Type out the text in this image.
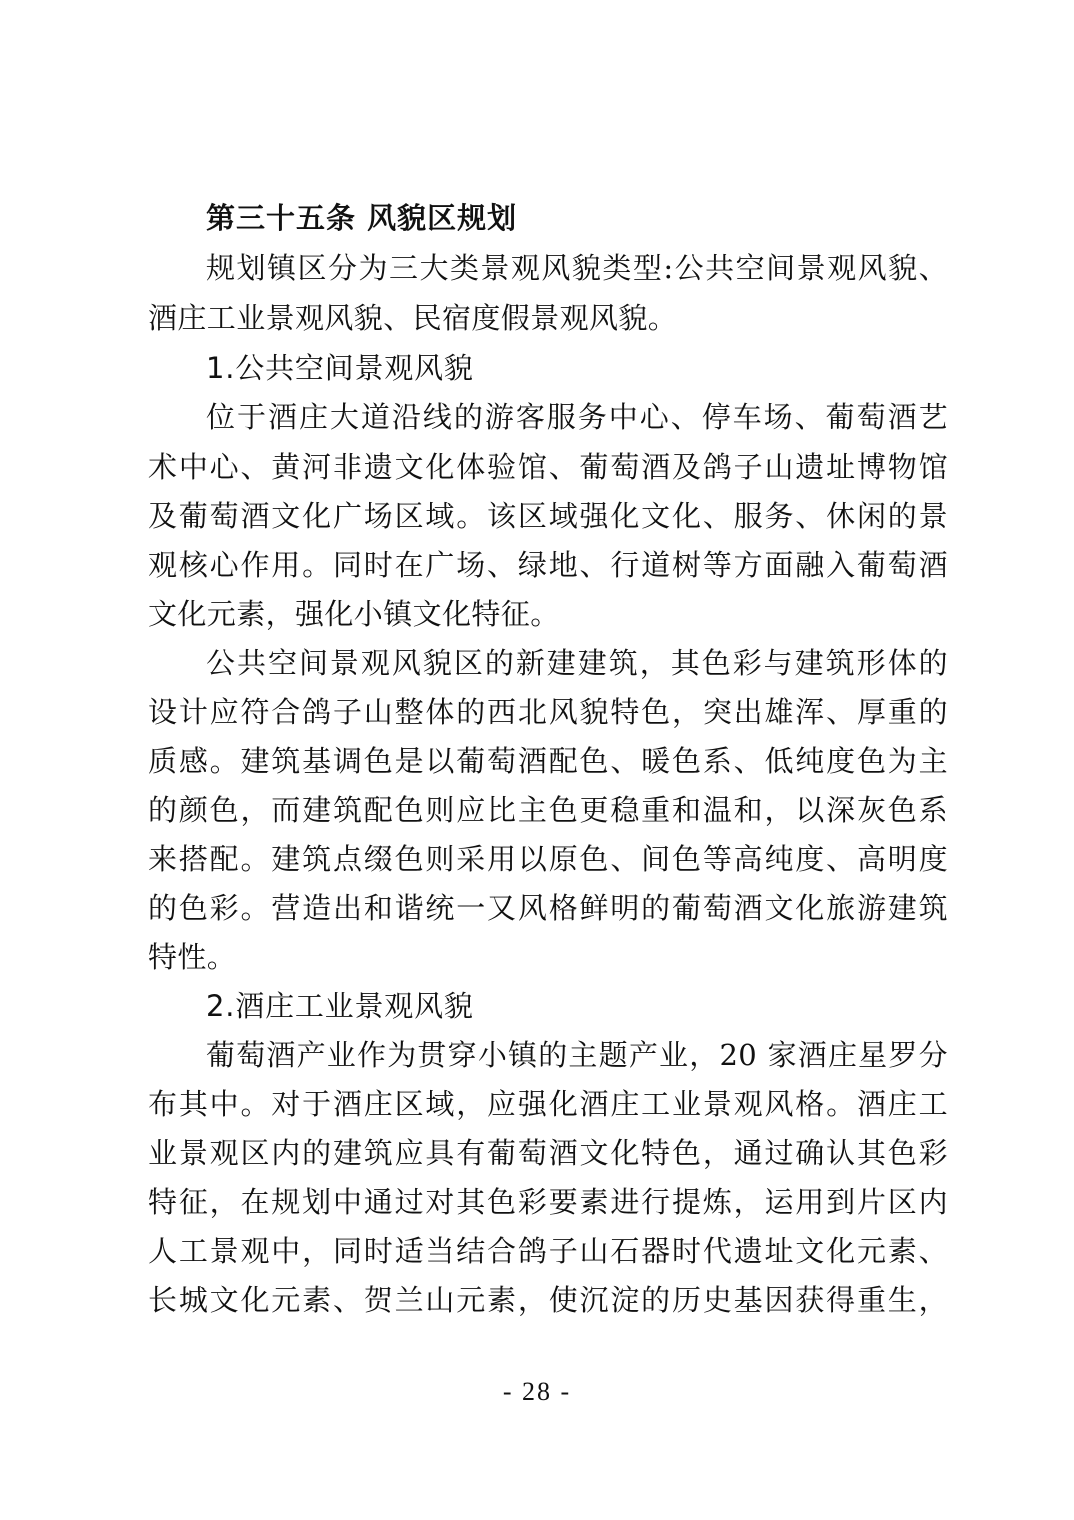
第三十五条 风貌区规划
规划镇区分为三大类景观风貌类型:公共空间景观风貌、
酒庄工业景观风貌、民宿度假景观风貌。
1.公共空间景观风貌
位于酒庄大道沿线的游客服务中心、停车场、葡萄酒艺
术中心、黄河非遗文化体验馆、葡萄酒及鸽子山遗址博物馆
及葡萄酒文化广场区域。该区域强化文化、服务、休闲的景
观核心作用。同时在广场、绿地、行道树等方面融入葡萄酒
文化元素，强化小镇文化特征。
公共空间景观风貌区的新建建筑，其色彩与建筑形体的
设计应符合鸽子山整体的西北风貌特色，突出雄浑、厚重的
质感。建筑基调色是以葡萄酒配色、暖色系、低纯度色为主
的颜色，而建筑配色则应比主色更稳重和温和，以深灰色系
来搭配。建筑点缀色则采用以原色、间色等高纯度、高明度
的色彩。营造出和谐统一又风格鲜明的葡萄酒文化旅游建筑
特性。
2.酒庄工业景观风貌
葡萄酒产业作为贯穿小镇的主题产业，20 家酒庄星罗分
布其中。对于酒庄区域，应强化酒庄工业景观风格。酒庄工
业景观区内的建筑应具有葡萄酒文化特色，通过确认其色彩
特征，在规划中通过对其色彩要素进行提炼，运用到片区内
人工景观中，同时适当结合鸽子山石器时代遗址文化元素、
长城文化元素、贺兰山元素，使沉淀的历史基因获得重生，
- 28 -
